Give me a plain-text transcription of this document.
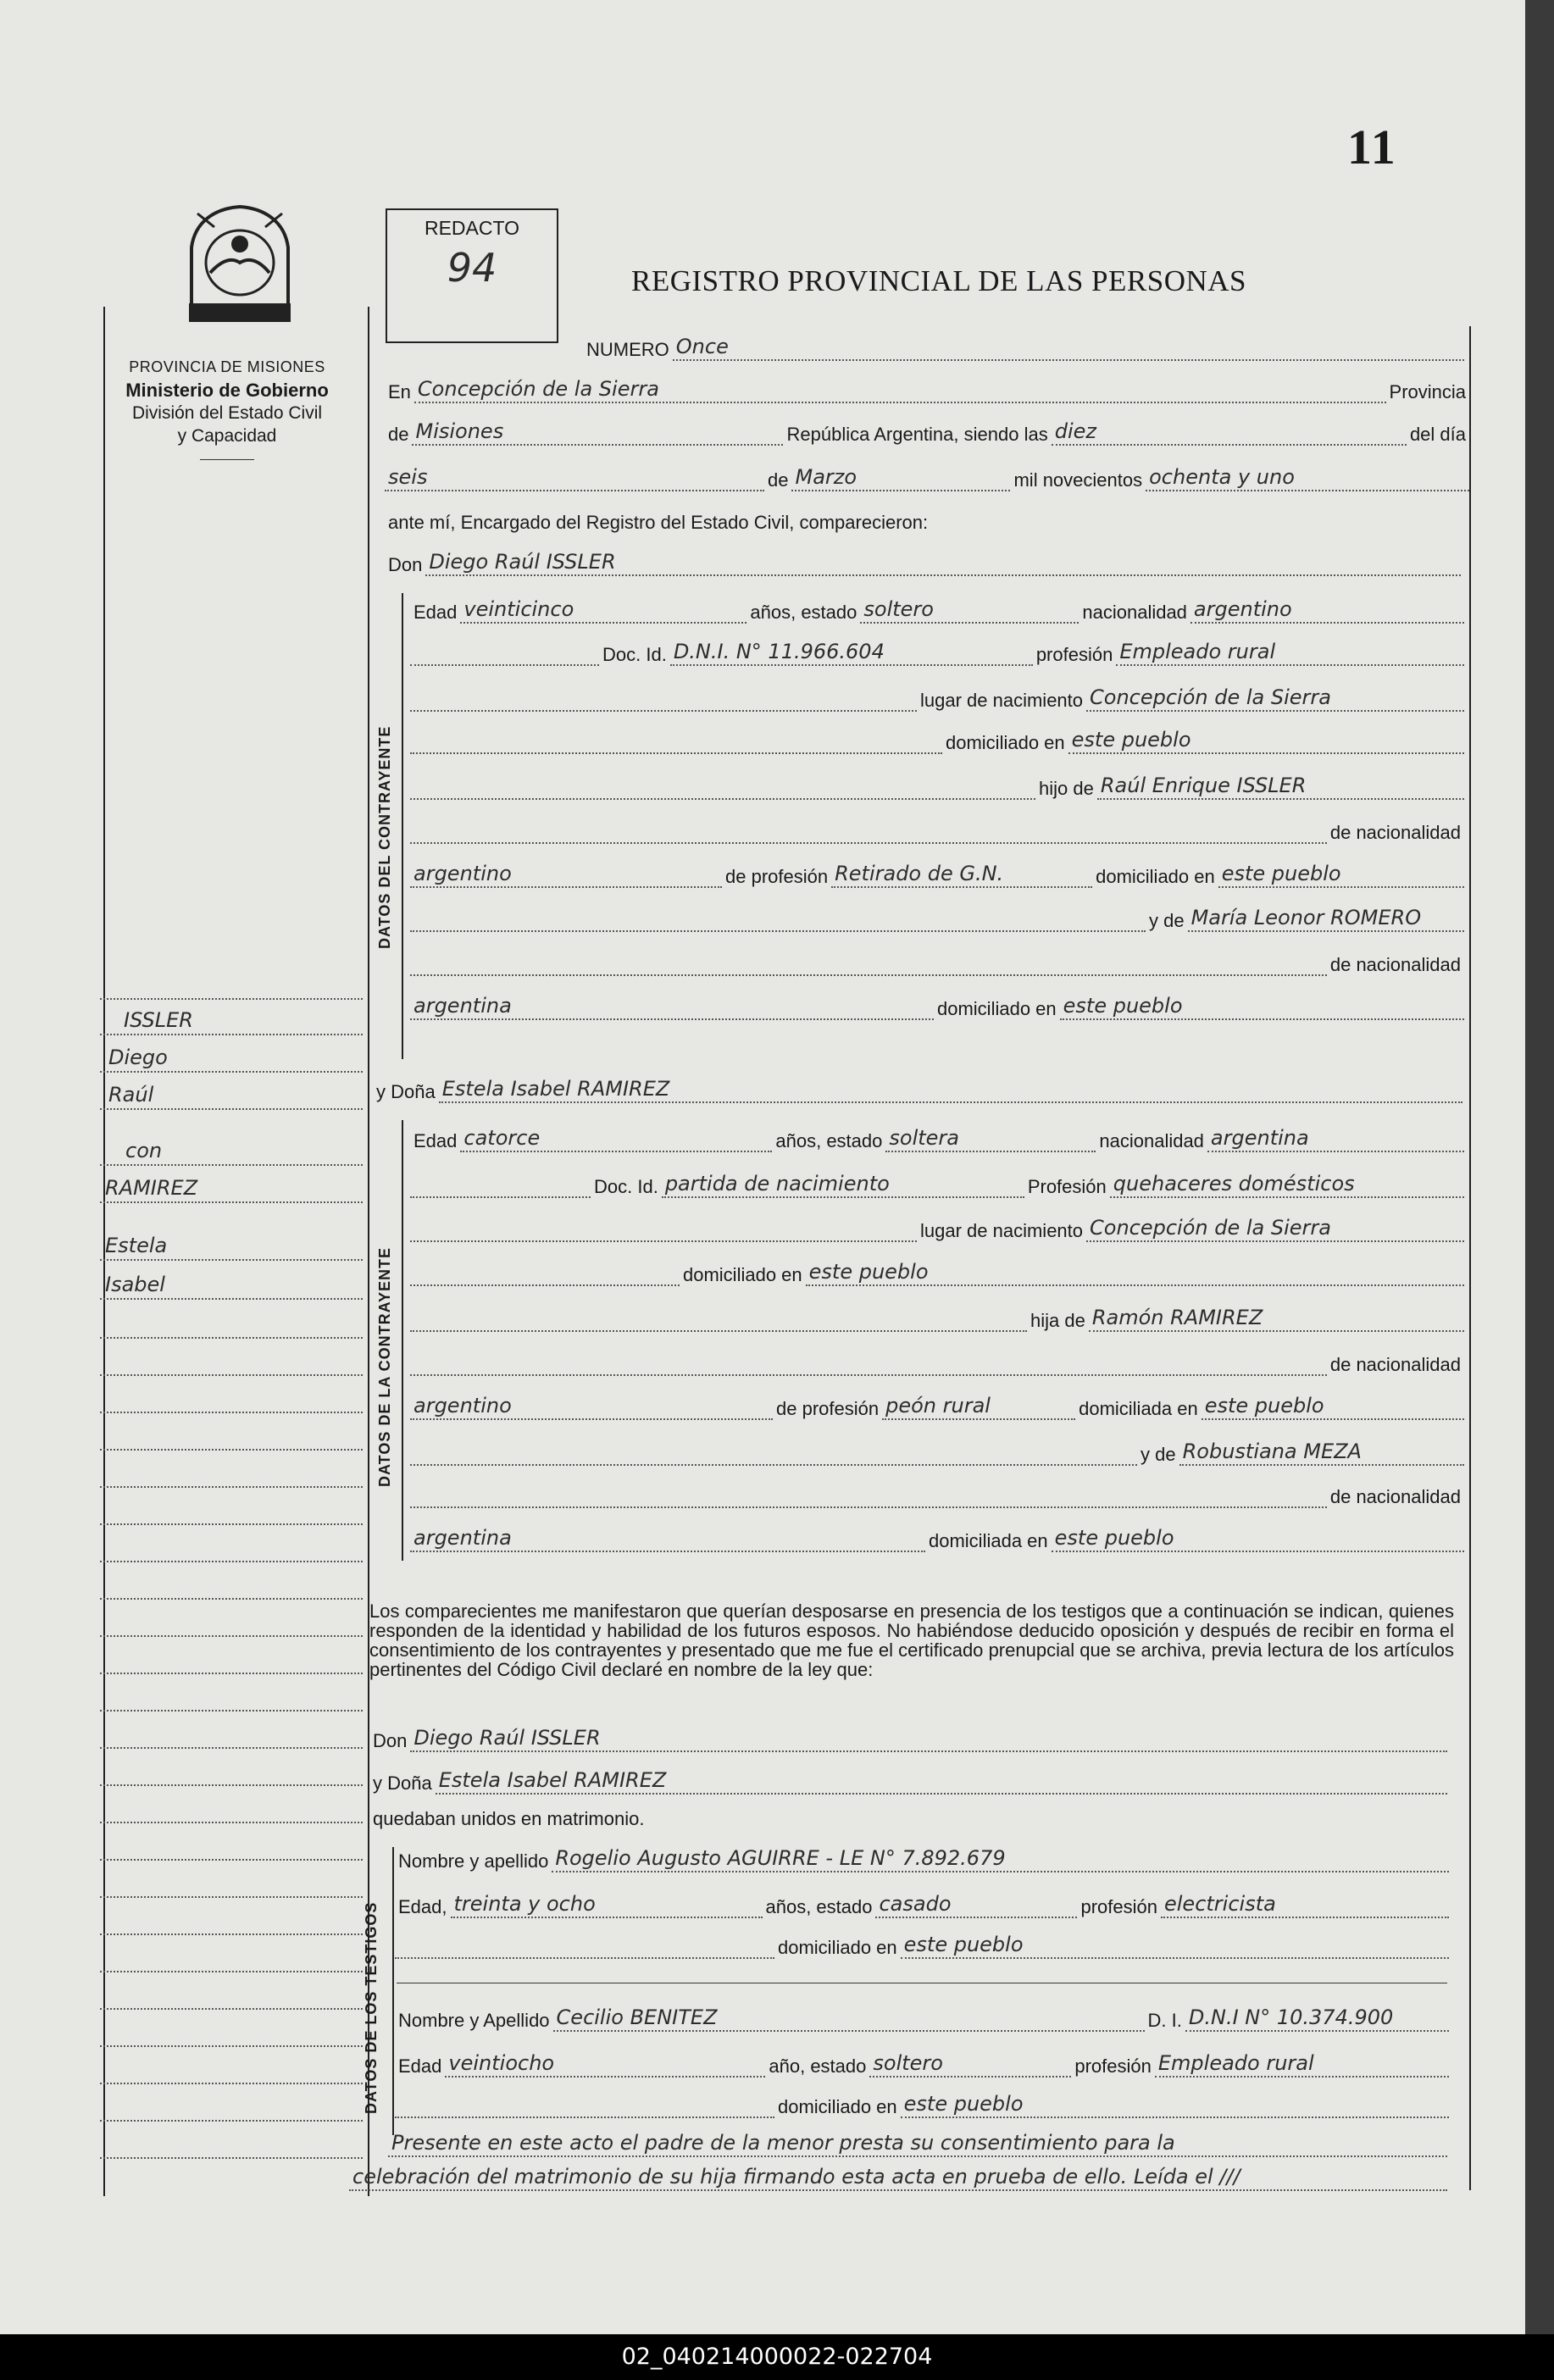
11
PROVINCIA DE MISIONES
Ministerio de Gobierno
División del Estado Civil
y Capacidad
REDACTO
94	REGISTRO PROVINCIAL DE LAS PERSONAS
NUMERO Once
En Concepción de la Sierra	Provincia
de Misiones	República Argentina, siendo las diez	del día
seis	de Marzo	mil novecientos ochenta y uno
ante mí, Encargado del Registro del Estado Civil, comparecieron:
Don Diego Raúl ISSLER
DATOS DEL CONTRAYENTE
Edad veinticinco	años, estado soltero	nacionalidad argentino
Doc. Id. D.N.I. N° 11.966.604	profesión Empleado rural
lugar de nacimiento Concepción de la Sierra
domiciliado en este pueblo
hijo de Raúl Enrique ISSLER
de nacionalidad
argentino	de profesión Retirado de G.N.	domiciliado en este pueblo
y de María Leonor ROMERO
de nacionalidad
argentina	domiciliado en este pueblo
y Doña Estela Isabel RAMIREZ
DATOS DE LA CONTRAYENTE
Edad catorce	años, estado soltera	nacionalidad argentina
Doc. Id. partida de nacimiento	Profesión quehaceres domésticos
lugar de nacimiento Concepción de la Sierra
domiciliado en este pueblo
hija de Ramón RAMIREZ
de nacionalidad
argentino	de profesión peón rural	domiciliada en este pueblo
y de Robustiana MEZA
de nacionalidad
argentina	domiciliada en este pueblo
ISSLER
Diego
Raúl
con
RAMIREZ
Estela
Isabel
Los comparecientes me manifestaron que querían desposarse en presencia de los testigos que a continuación se indican, quienes responden de la identidad y habilidad de los futuros esposos. No habiéndose deducido oposición y después de recibir en forma el consentimiento de los contrayentes y presentado que me fue el certificado prenupcial que se archiva, previa lectura de los artículos pertinentes del Código Civil declaré en nombre de la ley que:
Don Diego Raúl ISSLER
y Doña Estela Isabel RAMIREZ
quedaban unidos en matrimonio.
DATOS DE LOS TESTIGOS
Nombre y apellido Rogelio Augusto AGUIRRE - LE N° 7.892.679
Edad, treinta y ocho	años, estado casado	profesión electricista
domiciliado en este pueblo
Nombre y Apellido Cecilio BENITEZ	D. I. D.N.I N° 10.374.900
Edad veintiocho	año, estado soltero	profesión Empleado rural
domiciliado en este pueblo
Presente en este acto el padre de la menor presta su consentimiento para la
celebración del matrimonio de su hija firmando esta acta en prueba de ello. Leída el ///
02_040214000022-022704
